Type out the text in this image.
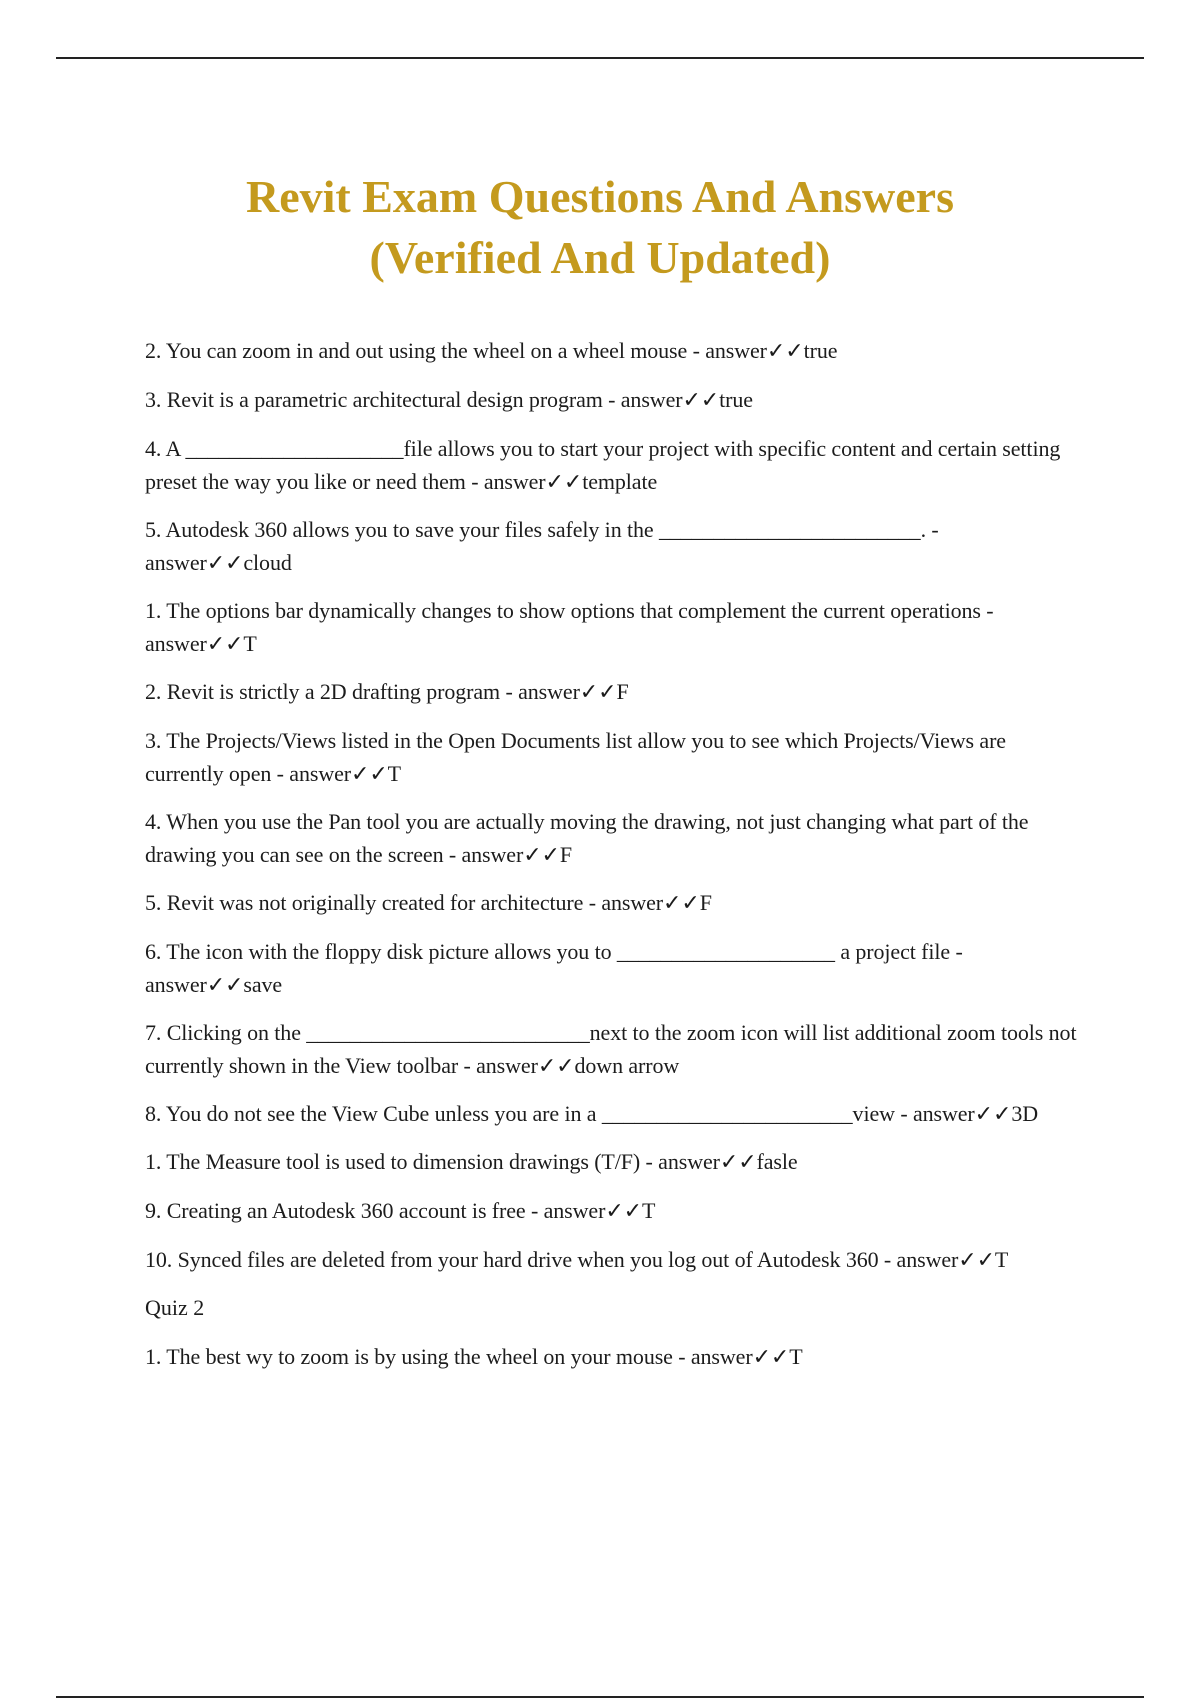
Revit Exam Questions And Answers
(Verified And Updated)

2. You can zoom in and out using the wheel on a wheel mouse - answer✓✓true

3. Revit is a parametric architectural design program - answer✓✓true

4. A ____________________file allows you to start your project with specific content and certain setting preset the way you like or need them - answer✓✓template

5. Autodesk 360 allows you to save your files safely in the ________________________. - answer✓✓cloud

1. The options bar dynamically changes to show options that complement the current operations - answer✓✓T

2. Revit is strictly a 2D drafting program - answer✓✓F

3. The Projects/Views listed in the Open Documents list allow you to see which Projects/Views are currently open - answer✓✓T

4. When you use the Pan tool you are actually moving the drawing, not just changing what part of the drawing you can see on the screen - answer✓✓F

5. Revit was not originally created for architecture - answer✓✓F

6. The icon with the floppy disk picture allows you to ____________________ a project file - answer✓✓save

7. Clicking on the __________________________next to the zoom icon will list additional zoom tools not currently shown in the View toolbar - answer✓✓down arrow

8. You do not see the View Cube unless you are in a _______________________view - answer✓✓3D

1. The Measure tool is used to dimension drawings (T/F) - answer✓✓fasle

9. Creating an Autodesk 360 account is free - answer✓✓T

10. Synced files are deleted from your hard drive when you log out of Autodesk 360 - answer✓✓T

Quiz 2

1. The best wy to zoom is by using the wheel on your mouse - answer✓✓T
